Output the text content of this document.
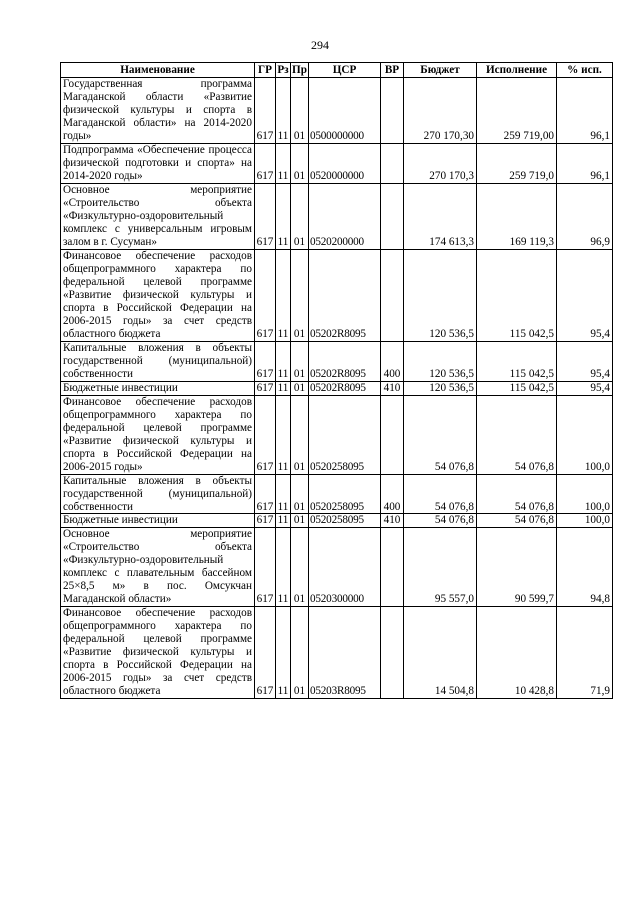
294
Наименование	ГР	Рз	Пр	ЦСР	ВР	Бюджет	Исполнение	% исп.
Государственная программа Магаданской области «Развитие физической культуры и спорта в Магаданской области» на 2014-2020 годы»	617	11	01	0500000000		270 170,30	259 719,00	96,1
Подпрограмма «Обеспечение процесса физической подготовки и спорта» на 2014-2020 годы»	617	11	01	0520000000		270 170,3	259 719,0	96,1
Основное мероприятие «Строительство объекта «Физкультурно-оздоровительный комплекс с универсальным игровым залом в г. Сусуман»	617	11	01	0520200000		174 613,3	169 119,3	96,9
Финансовое обеспечение расходов общепрограммного характера по федеральной целевой программе «Развитие физической культуры и спорта в Российской Федерации на 2006-2015 годы» за счет средств областного бюджета	617	11	01	05202R8095		120 536,5	115 042,5	95,4
Капитальные вложения в объекты государственной (муниципальной) собственности	617	11	01	05202R8095	400	120 536,5	115 042,5	95,4
Бюджетные инвестиции	617	11	01	05202R8095	410	120 536,5	115 042,5	95,4
Финансовое обеспечение расходов общепрограммного характера по федеральной целевой программе «Развитие физической культуры и спорта в Российской Федерации на 2006-2015 годы»	617	11	01	0520258095		54 076,8	54 076,8	100,0
Капитальные вложения в объекты государственной (муниципальной) собственности	617	11	01	0520258095	400	54 076,8	54 076,8	100,0
Бюджетные инвестиции	617	11	01	0520258095	410	54 076,8	54 076,8	100,0
Основное мероприятие «Строительство объекта «Физкультурно-оздоровительный комплекс с плавательным бассейном 25×8,5 м» в пос. Омсукчан Магаданской области»	617	11	01	0520300000		95 557,0	90 599,7	94,8
Финансовое обеспечение расходов общепрограммного характера по федеральной целевой программе «Развитие физической культуры и спорта в Российской Федерации на 2006-2015 годы» за счет средств областного бюджета	617	11	01	05203R8095		14 504,8	10 428,8	71,9
